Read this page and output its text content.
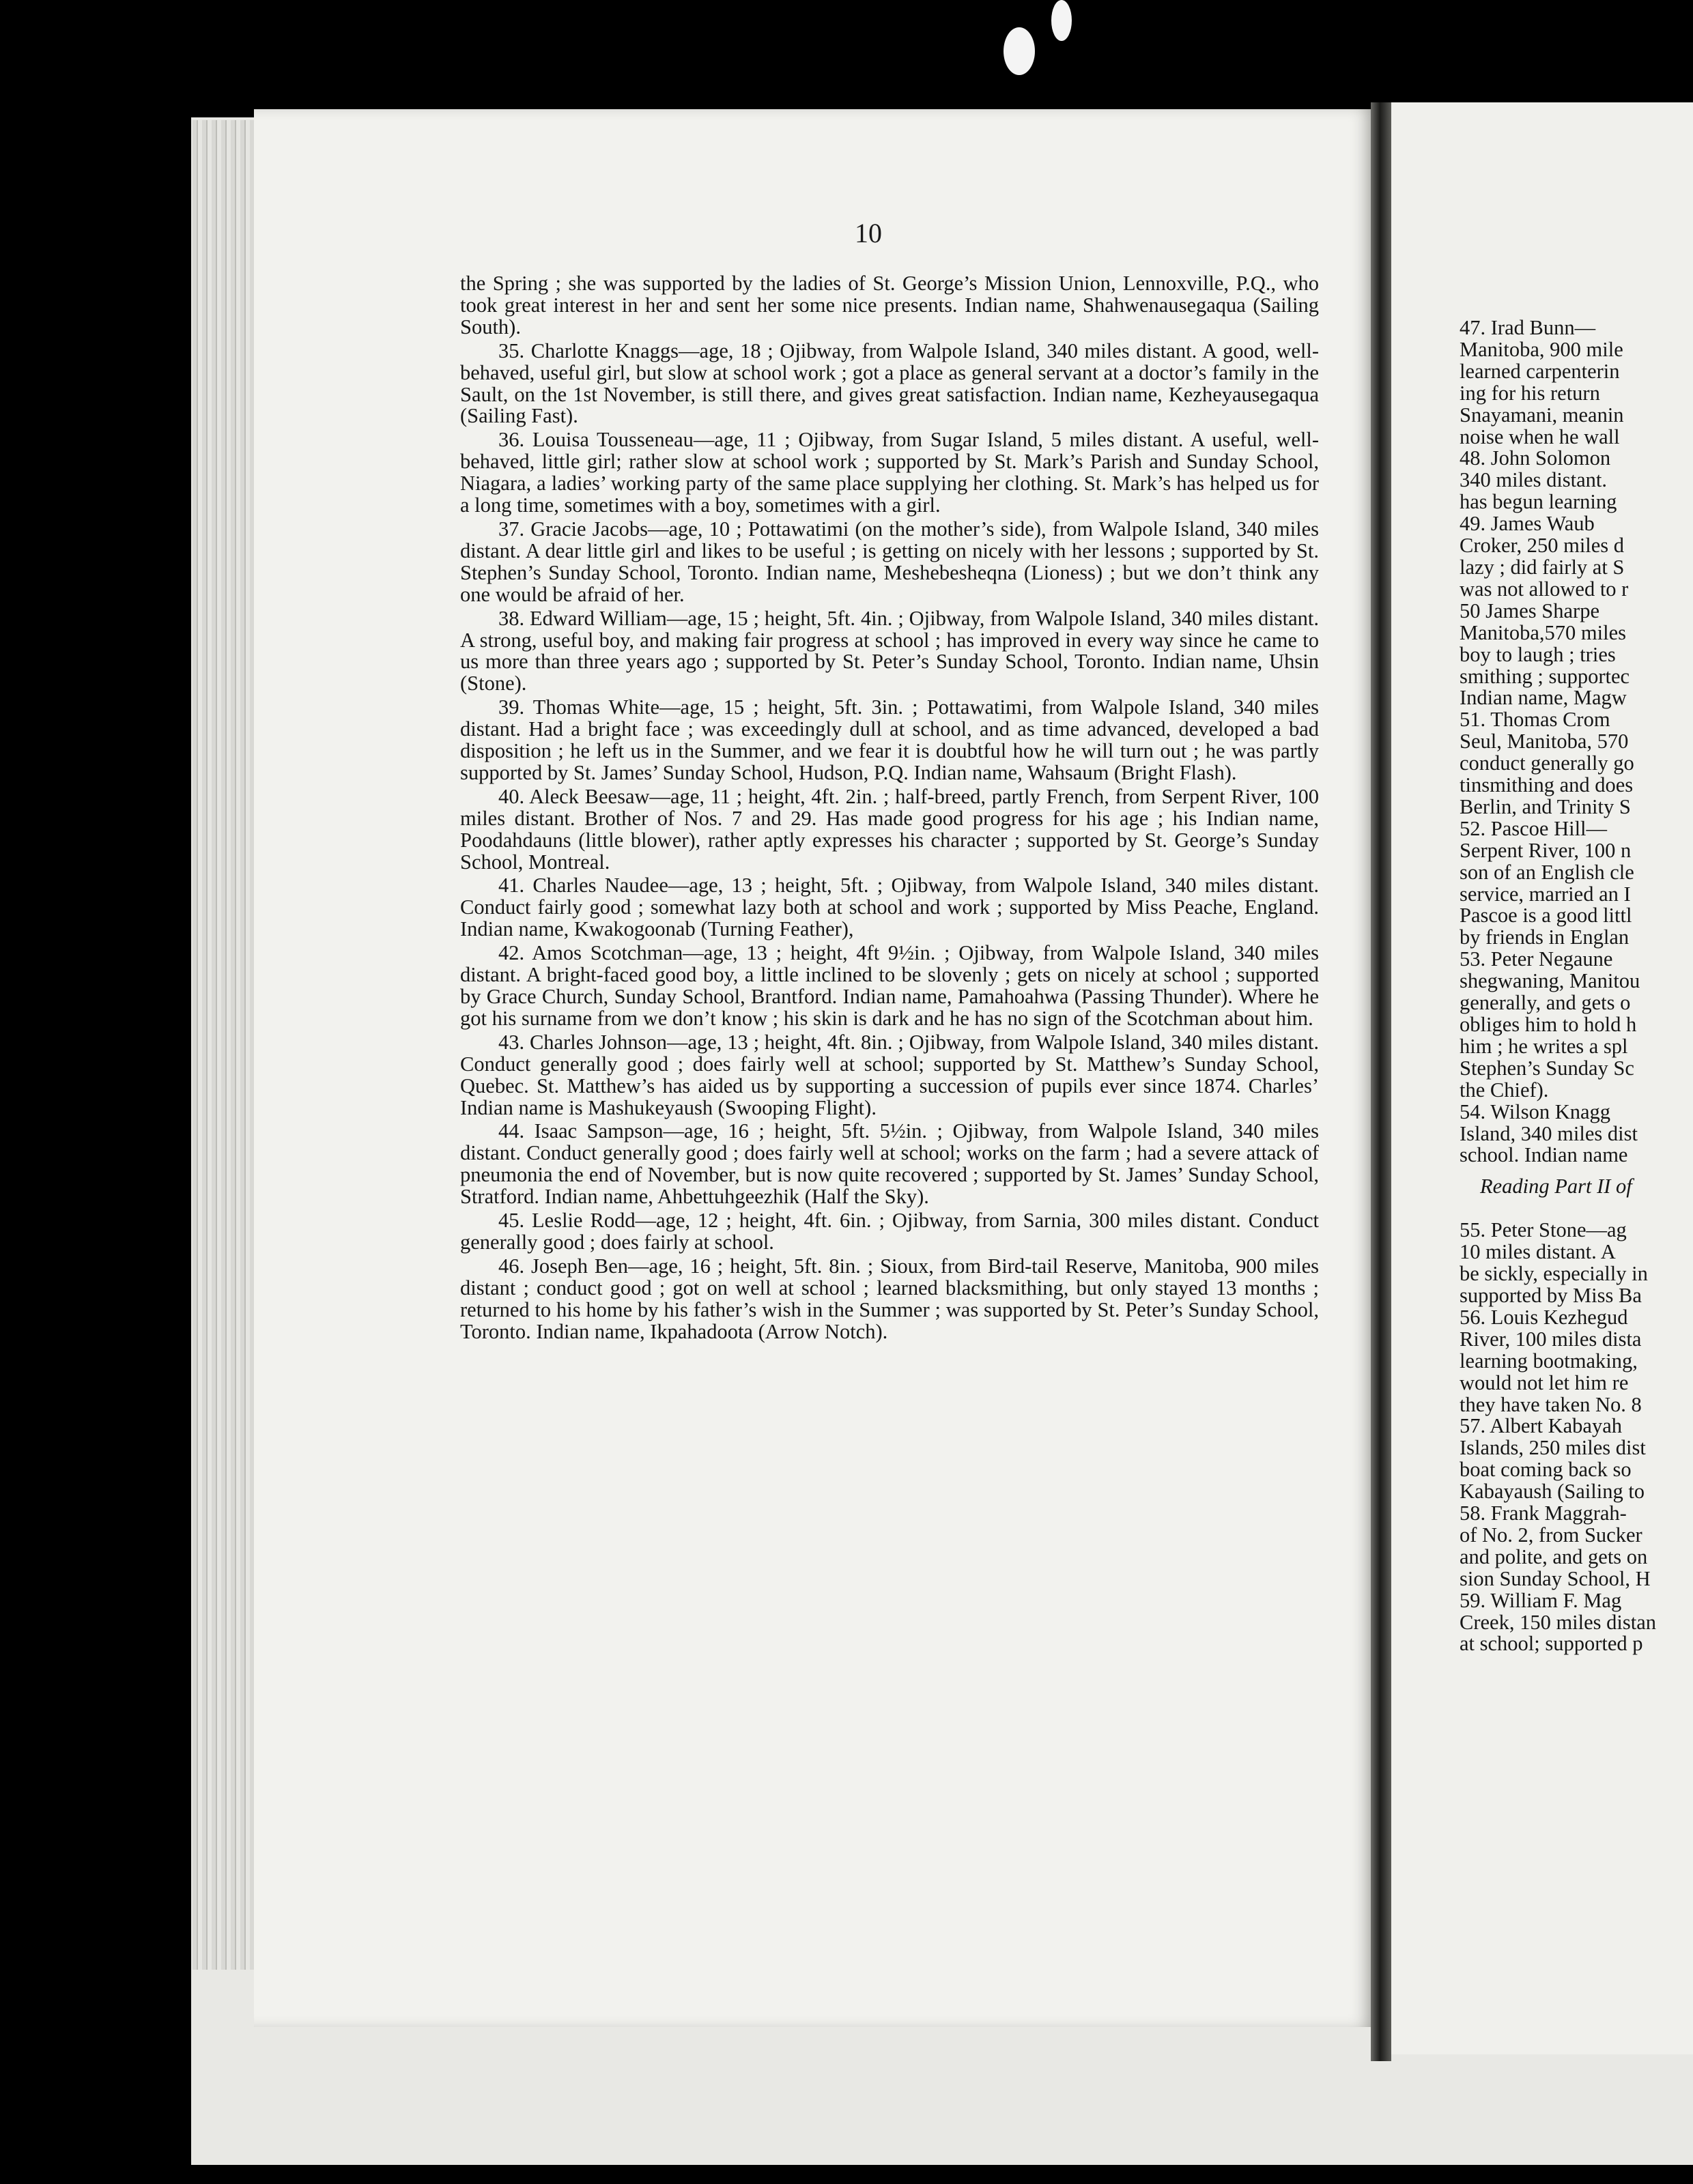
10

the Spring ; she was supported by the ladies of St. George’s Mission Union, Lennoxville, P.Q., who took great interest in her and sent her some nice presents. Indian name, Shahwenausegaqua (Sailing South).

35. Charlotte Knaggs—age, 18 ; Ojibway, from Walpole Island, 340 miles distant. A good, well-behaved, useful girl, but slow at school work ; got a place as general servant at a doctor’s family in the Sault, on the 1st November, is still there, and gives great satisfaction. Indian name, Kezheyausegaqua (Sailing Fast).

36. Louisa Tousseneau—age, 11 ; Ojibway, from Sugar Island, 5 miles distant. A useful, well-behaved, little girl; rather slow at school work ; supported by St. Mark’s Parish and Sunday School, Niagara, a ladies’ working party of the same place supplying her clothing. St. Mark’s has helped us for a long time, sometimes with a boy, sometimes with a girl.

37. Gracie Jacobs—age, 10 ; Pottawatimi (on the mother’s side), from Walpole Island, 340 miles distant. A dear little girl and likes to be useful ; is getting on nicely with her lessons ; supported by St. Stephen’s Sunday School, Toronto. Indian name, Meshebesheqna (Lioness) ; but we don’t think any one would be afraid of her.

38. Edward William—age, 15 ; height, 5ft. 4in. ; Ojibway, from Walpole Island, 340 miles distant. A strong, useful boy, and making fair progress at school ; has improved in every way since he came to us more than three years ago ; supported by St. Peter’s Sunday School, Toronto. Indian name, Uhsin (Stone).

39. Thomas White—age, 15 ; height, 5ft. 3in. ; Pottawatimi, from Walpole Island, 340 miles distant. Had a bright face ; was exceedingly dull at school, and as time advanced, developed a bad disposition ; he left us in the Summer, and we fear it is doubtful how he will turn out ; he was partly supported by St. James’ Sunday School, Hudson, P.Q. Indian name, Wahsaum (Bright Flash).

40. Aleck Beesaw—age, 11 ; height, 4ft. 2in. ; half-breed, partly French, from Serpent River, 100 miles distant. Brother of Nos. 7 and 29. Has made good progress for his age ; his Indian name, Poodahdauns (little blower), rather aptly expresses his character ; supported by St. George’s Sunday School, Montreal.

41. Charles Naudee—age, 13 ; height, 5ft. ; Ojibway, from Walpole Island, 340 miles distant. Conduct fairly good ; somewhat lazy both at school and work ; supported by Miss Peache, England. Indian name, Kwakogoonab (Turning Feather),

42. Amos Scotchman—age, 13 ; height, 4ft 9½in. ; Ojibway, from Walpole Island, 340 miles distant. A bright-faced good boy, a little inclined to be slovenly ; gets on nicely at school ; supported by Grace Church, Sunday School, Brantford. Indian name, Pamahoahwa (Passing Thunder). Where he got his surname from we don’t know ; his skin is dark and he has no sign of the Scotchman about him.

43. Charles Johnson—age, 13 ; height, 4ft. 8in. ; Ojibway, from Walpole Island, 340 miles distant. Conduct generally good ; does fairly well at school; supported by St. Matthew’s Sunday School, Quebec. St. Matthew’s has aided us by supporting a succession of pupils ever since 1874. Charles’ Indian name is Mashukeyaush (Swooping Flight).

44. Isaac Sampson—age, 16 ; height, 5ft. 5½in. ; Ojibway, from Walpole Island, 340 miles distant. Conduct generally good ; does fairly well at school; works on the farm ; had a severe attack of pneumonia the end of November, but is now quite recovered ; supported by St. James’ Sunday School, Stratford. Indian name, Ahbettuhgeezhik (Half the Sky).

45. Leslie Rodd—age, 12 ; height, 4ft. 6in. ; Ojibway, from Sarnia, 300 miles distant. Conduct generally good ; does fairly at school.

46. Joseph Ben—age, 16 ; height, 5ft. 8in. ; Sioux, from Bird-tail Reserve, Manitoba, 900 miles distant ; conduct good ; got on well at school ; learned blacksmithing, but only stayed 13 months ; returned to his home by his father’s wish in the Summer ; was supported by St. Peter’s Sunday School, Toronto. Indian name, Ikpahadoota (Arrow Notch).

47. Irad Bunn—
Manitoba, 900 mile
learned carpenterin
ing for his return
Snayamani, meanin
noise when he wall
48. John Solomon
340 miles distant.
has begun learning
49. James Waub
Croker, 250 miles d
lazy ; did fairly at S
was not allowed to r
50 James Sharpe
Manitoba,570 miles
boy to laugh ; tries
smithing ; supportec
Indian name, Magw
51. Thomas Crom
Seul, Manitoba, 570
conduct generally go
tinsmithing and does
Berlin, and Trinity S
52. Pascoe Hill—
Serpent River, 100 n
son of an English cle
service, married an I
Pascoe is a good littl
by friends in Englan
53. Peter Negaune
shegwaning, Manitou
generally, and gets o
obliges him to hold h
him ; he writes a spl
Stephen’s Sunday Sc
the Chief).
54. Wilson Knagg
Island, 340 miles dist
school. Indian name
Reading Part II of
55. Peter Stone—ag
10 miles distant. A
be sickly, especially in
supported by Miss Ba
56. Louis Kezhegud
River, 100 miles dista
learning bootmaking,
would not let him re
they have taken No. 8
57. Albert Kabayah
Islands, 250 miles dist
boat coming back so
Kabayaush (Sailing to
58. Frank Maggrah-
of No. 2, from Sucker
and polite, and gets on
sion Sunday School, H
59. William F. Mag
Creek, 150 miles distan
at school; supported p
